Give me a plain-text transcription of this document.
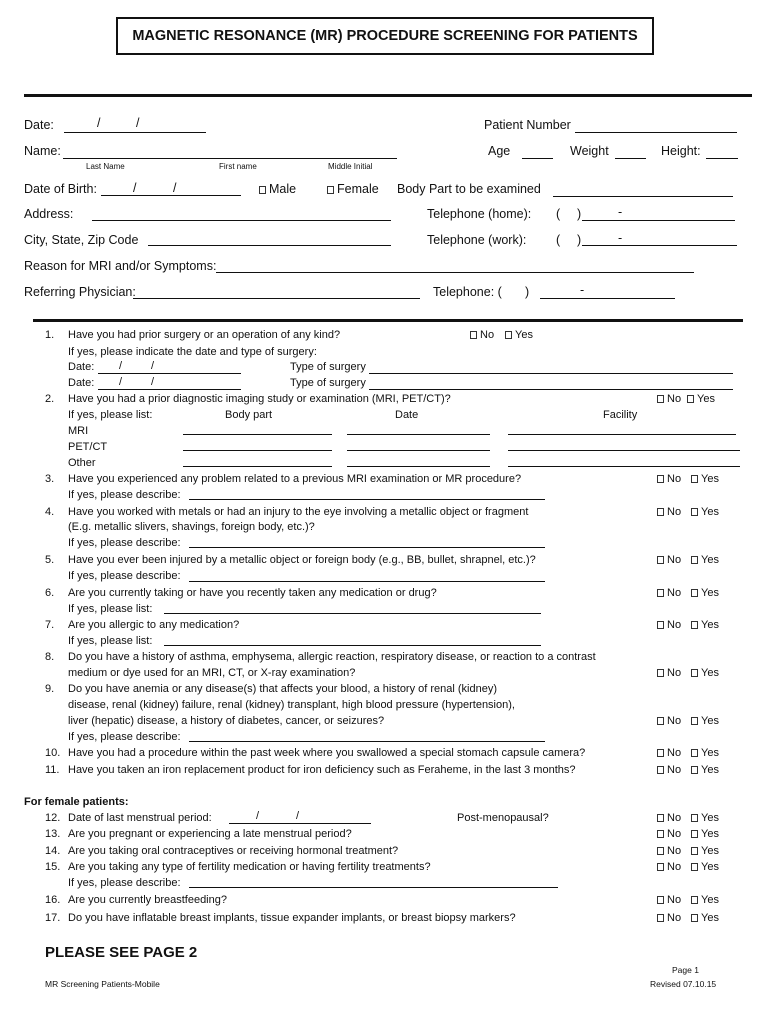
MAGNETIC RESONANCE (MR) PROCEDURE SCREENING FOR PATIENTS
Date:	/	/	Patient Number
Name:
Last Name	First name	Middle Initial
Age	Weight	Height:
Date of Birth:	/	/	Male	Female Body Part to be examined
Address:	Telephone (home): ( )	-
City, State, Zip Code	Telephone (work): ( )	-
Reason for MRI and/or Symptoms:
Referring Physician:	Telephone: ( )	-
1. Have you had prior surgery or an operation of any kind?	No	Yes
If yes, please indicate the date and type of surgery:
Date: /	/	Type of surgery
Date: /	/	Type of surgery
2. Have you had a prior diagnostic imaging study or examination (MRI, PET/CT)?	No	Yes
If yes, please list:	Body part	Date	Facility
MRI
PET/CT
Other
3. Have you experienced any problem related to a previous MRI examination or MR procedure?	No	Yes
If yes, please describe:
4. Have you worked with metals or had an injury to the eye involving a metallic object or fragment	No	Yes
(E.g. metallic slivers, shavings, foreign body, etc.)?
If yes, please describe:
5. Have you ever been injured by a metallic object or foreign body (e.g., BB, bullet, shrapnel, etc.)?	No	Yes
If yes, please describe:
6. Are you currently taking or have you recently taken any medication or drug?	No	Yes
If yes, please list:
7. Are you allergic to any medication?	No	Yes
If yes, please list:
8. Do you have a history of asthma, emphysema, allergic reaction, respiratory disease, or reaction to a contrast
medium or dye used for an MRI, CT, or X-ray examination?	No	Yes
9. Do you have anemia or any disease(s) that affects your blood, a history of renal (kidney)
disease, renal (kidney) failure, renal (kidney) transplant, high blood pressure (hypertension),
liver (hepatic) disease, a history of diabetes, cancer, or seizures?	No	Yes
If yes, please describe:
10. Have you had a procedure within the past week where you swallowed a special stomach capsule camera?	No	Yes
11. Have you taken an iron replacement product for iron deficiency such as Feraheme, in the last 3 months?	No	Yes
For female patients:
12. Date of last menstrual period:	/	/	Post-menopausal?	No	Yes
13. Are you pregnant or experiencing a late menstrual period?	No	Yes
14. Are you taking oral contraceptives or receiving hormonal treatment?	No	Yes
15. Are you taking any type of fertility medication or having fertility treatments?	No	Yes
If yes, please describe:
16. Are you currently breastfeeding?	No	Yes
17. Do you have inflatable breast implants, tissue expander implants, or breast biopsy markers?	No	Yes
PLEASE SEE PAGE 2
MR Screening Patients-Mobile
Page 1
Revised 07.10.15
